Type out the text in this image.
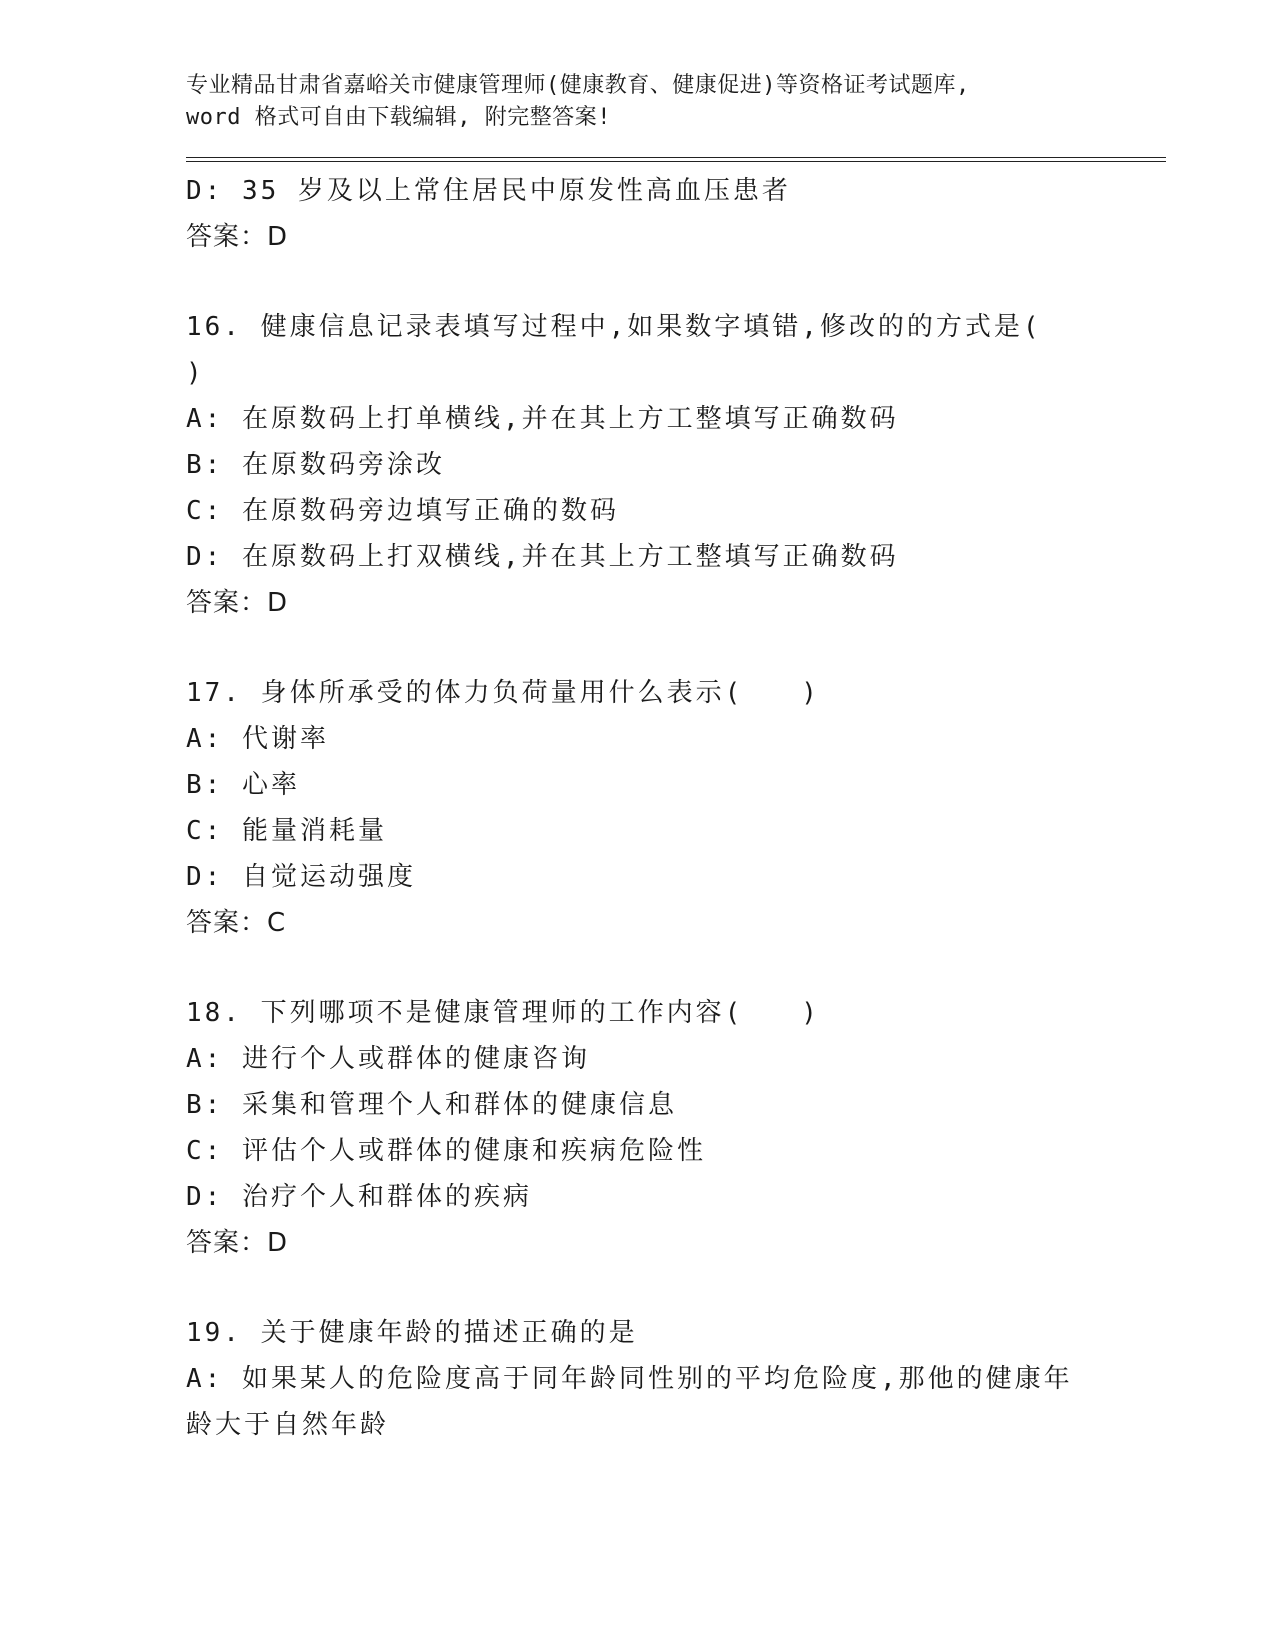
专业精品甘肃省嘉峪关市健康管理师(健康教育、健康促进)等资格证考试题库,
word 格式可自由下载编辑, 附完整答案!
D: 35 岁及以上常住居民中原发性高血压患者
答案：D
16. 健康信息记录表填写过程中,如果数字填错,修改的的方式是(
)
A: 在原数码上打单横线,并在其上方工整填写正确数码
B: 在原数码旁涂改
C: 在原数码旁边填写正确的数码
D: 在原数码上打双横线,并在其上方工整填写正确数码
答案：D
17. 身体所承受的体力负荷量用什么表示(　　)
A: 代谢率
B: 心率
C: 能量消耗量
D: 自觉运动强度
答案：C
18. 下列哪项不是健康管理师的工作内容(　　)
A: 进行个人或群体的健康咨询
B: 采集和管理个人和群体的健康信息
C: 评估个人或群体的健康和疾病危险性
D: 治疗个人和群体的疾病
答案：D
19. 关于健康年龄的描述正确的是
A: 如果某人的危险度高于同年龄同性别的平均危险度,那他的健康年
龄大于自然年龄
